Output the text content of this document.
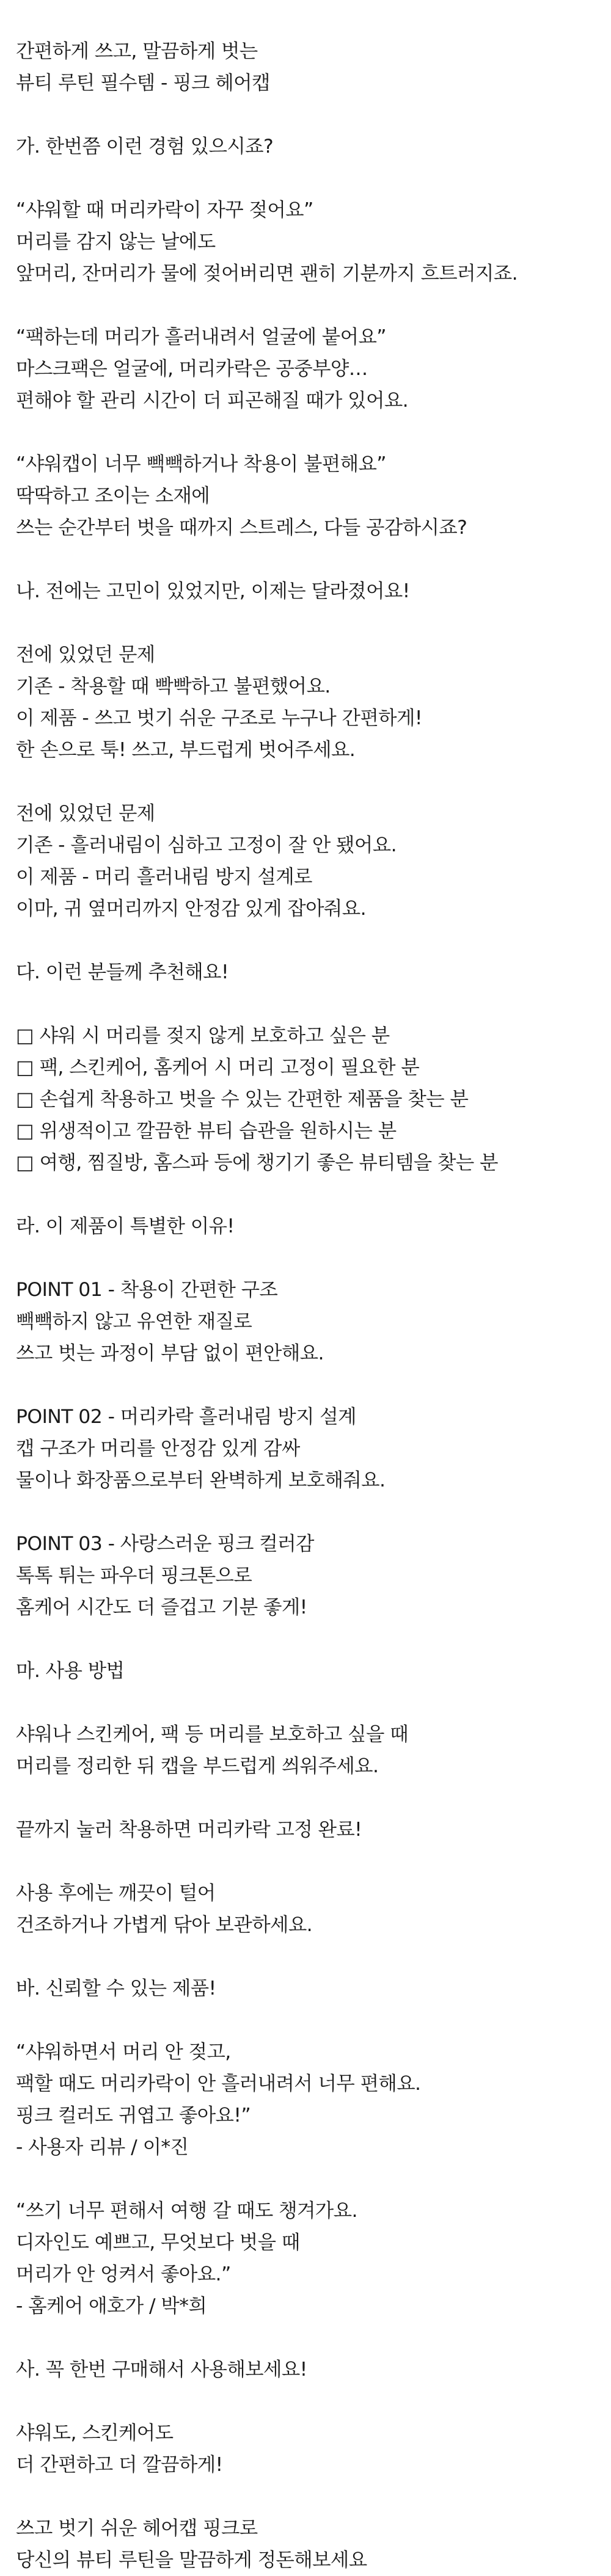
간편하게 쓰고, 말끔하게 벗는
뷰티 루틴 필수템 - 핑크 헤어캡
가. 한번쯤 이런 경험 있으시죠?
“샤워할 때 머리카락이 자꾸 젖어요”
머리를 감지 않는 날에도
앞머리, 잔머리가 물에 젖어버리면 괜히 기분까지 흐트러지죠.
“팩하는데 머리가 흘러내려서 얼굴에 붙어요”
마스크팩은 얼굴에, 머리카락은 공중부양…
편해야 할 관리 시간이 더 피곤해질 때가 있어요.
“샤워캡이 너무 빽빽하거나 착용이 불편해요”
딱딱하고 조이는 소재에
쓰는 순간부터 벗을 때까지 스트레스, 다들 공감하시죠?
나. 전에는 고민이 있었지만, 이제는 달라졌어요!
전에 있었던 문제
기존 - 착용할 때 빡빡하고 불편했어요.
이 제품 - 쓰고 벗기 쉬운 구조로 누구나 간편하게!
한 손으로 툭! 쓰고, 부드럽게 벗어주세요.
전에 있었던 문제
기존 - 흘러내림이 심하고 고정이 잘 안 됐어요.
이 제품 - 머리 흘러내림 방지 설계로
이마, 귀 옆머리까지 안정감 있게 잡아줘요.
다. 이런 분들께 추천해요!
□ 샤워 시 머리를 젖지 않게 보호하고 싶은 분
□ 팩, 스킨케어, 홈케어 시 머리 고정이 필요한 분
□ 손쉽게 착용하고 벗을 수 있는 간편한 제품을 찾는 분
□ 위생적이고 깔끔한 뷰티 습관을 원하시는 분
□ 여행, 찜질방, 홈스파 등에 챙기기 좋은 뷰티템을 찾는 분
라. 이 제품이 특별한 이유!
POINT 01 - 착용이 간편한 구조
빽빽하지 않고 유연한 재질로
쓰고 벗는 과정이 부담 없이 편안해요.
POINT 02 - 머리카락 흘러내림 방지 설계
캡 구조가 머리를 안정감 있게 감싸
물이나 화장품으로부터 완벽하게 보호해줘요.
POINT 03 - 사랑스러운 핑크 컬러감
톡톡 튀는 파우더 핑크톤으로
홈케어 시간도 더 즐겁고 기분 좋게!
마. 사용 방법
샤워나 스킨케어, 팩 등 머리를 보호하고 싶을 때
머리를 정리한 뒤 캡을 부드럽게 씌워주세요.
끝까지 눌러 착용하면 머리카락 고정 완료!
사용 후에는 깨끗이 털어
건조하거나 가볍게 닦아 보관하세요.
바. 신뢰할 수 있는 제품!
“샤워하면서 머리 안 젖고,
팩할 때도 머리카락이 안 흘러내려서 너무 편해요.
핑크 컬러도 귀엽고 좋아요!”
- 사용자 리뷰 / 이*진
“쓰기 너무 편해서 여행 갈 때도 챙겨가요.
디자인도 예쁘고, 무엇보다 벗을 때
머리가 안 엉켜서 좋아요.”
- 홈케어 애호가 / 박*희
사. 꼭 한번 구매해서 사용해보세요!
샤워도, 스킨케어도
더 간편하고 더 깔끔하게!
쓰고 벗기 쉬운 헤어캡 핑크로
당신의 뷰티 루틴을 말끔하게 정돈해보세요
